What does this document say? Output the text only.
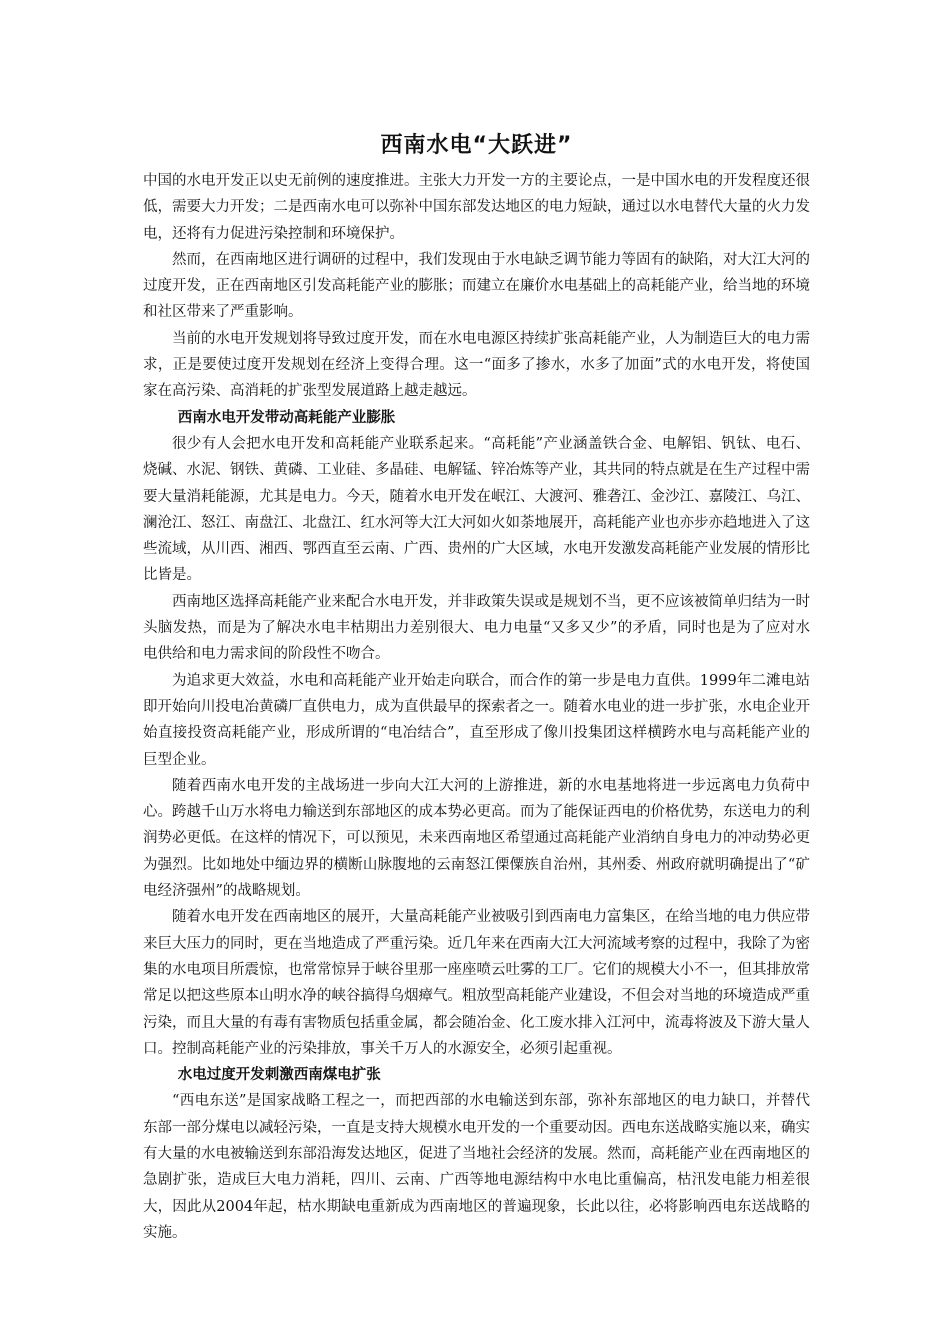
西南水电“大跃进”

中国的水电开发正以史无前例的速度推进。主张大力开发一方的主要论点，一是中国水电的开发程度还很低，需要大力开发；二是西南水电可以弥补中国东部发达地区的电力短缺，通过以水电替代大量的火力发电，还将有力促进污染控制和环境保护。

然而，在西南地区进行调研的过程中，我们发现由于水电缺乏调节能力等固有的缺陷，对大江大河的过度开发，正在西南地区引发高耗能产业的膨胀；而建立在廉价水电基础上的高耗能产业，给当地的环境和社区带来了严重影响。

当前的水电开发规划将导致过度开发，而在水电电源区持续扩张高耗能产业，人为制造巨大的电力需求，正是要使过度开发规划在经济上变得合理。这一“面多了掺水，水多了加面”式的水电开发，将使国家在高污染、高消耗的扩张型发展道路上越走越远。

西南水电开发带动高耗能产业膨胀

很少有人会把水电开发和高耗能产业联系起来。“高耗能”产业涵盖铁合金、电解铝、钒钛、电石、烧碱、水泥、钢铁、黄磷、工业硅、多晶硅、电解锰、锌冶炼等产业，其共同的特点就是在生产过程中需要大量消耗能源，尤其是电力。今天，随着水电开发在岷江、大渡河、雅砻江、金沙江、嘉陵江、乌江、澜沧江、怒江、南盘江、北盘江、红水河等大江大河如火如荼地展开，高耗能产业也亦步亦趋地进入了这些流域，从川西、湘西、鄂西直至云南、广西、贵州的广大区域，水电开发激发高耗能产业发展的情形比比皆是。

西南地区选择高耗能产业来配合水电开发，并非政策失误或是规划不当，更不应该被简单归结为一时头脑发热，而是为了解决水电丰枯期出力差别很大、电力电量“又多又少”的矛盾，同时也是为了应对水电供给和电力需求间的阶段性不吻合。

为追求更大效益，水电和高耗能产业开始走向联合，而合作的第一步是电力直供。1999年二滩电站即开始向川投电冶黄磷厂直供电力，成为直供最早的探索者之一。随着水电业的进一步扩张，水电企业开始直接投资高耗能产业，形成所谓的“电冶结合”，直至形成了像川投集团这样横跨水电与高耗能产业的巨型企业。

随着西南水电开发的主战场进一步向大江大河的上游推进，新的水电基地将进一步远离电力负荷中心。跨越千山万水将电力输送到东部地区的成本势必更高。而为了能保证西电的价格优势，东送电力的利润势必更低。在这样的情况下，可以预见，未来西南地区希望通过高耗能产业消纳自身电力的冲动势必更为强烈。比如地处中缅边界的横断山脉腹地的云南怒江傈僳族自治州，其州委、州政府就明确提出了“矿电经济强州”的战略规划。

随着水电开发在西南地区的展开，大量高耗能产业被吸引到西南电力富集区，在给当地的电力供应带来巨大压力的同时，更在当地造成了严重污染。近几年来在西南大江大河流域考察的过程中，我除了为密集的水电项目所震惊，也常常惊异于峡谷里那一座座喷云吐雾的工厂。它们的规模大小不一，但其排放常常足以把这些原本山明水净的峡谷搞得乌烟瘴气。粗放型高耗能产业建设，不但会对当地的环境造成严重污染，而且大量的有毒有害物质包括重金属，都会随冶金、化工废水排入江河中，流毒将波及下游大量人口。控制高耗能产业的污染排放，事关千万人的水源安全，必须引起重视。

水电过度开发刺激西南煤电扩张

“西电东送”是国家战略工程之一，而把西部的水电输送到东部，弥补东部地区的电力缺口，并替代东部一部分煤电以减轻污染，一直是支持大规模水电开发的一个重要动因。西电东送战略实施以来，确实有大量的水电被输送到东部沿海发达地区，促进了当地社会经济的发展。然而，高耗能产业在西南地区的急剧扩张，造成巨大电力消耗，四川、云南、广西等地电源结构中水电比重偏高，枯汛发电能力相差很大，因此从2004年起，枯水期缺电重新成为西南地区的普遍现象，长此以往，必将影响西电东送战略的实施。
